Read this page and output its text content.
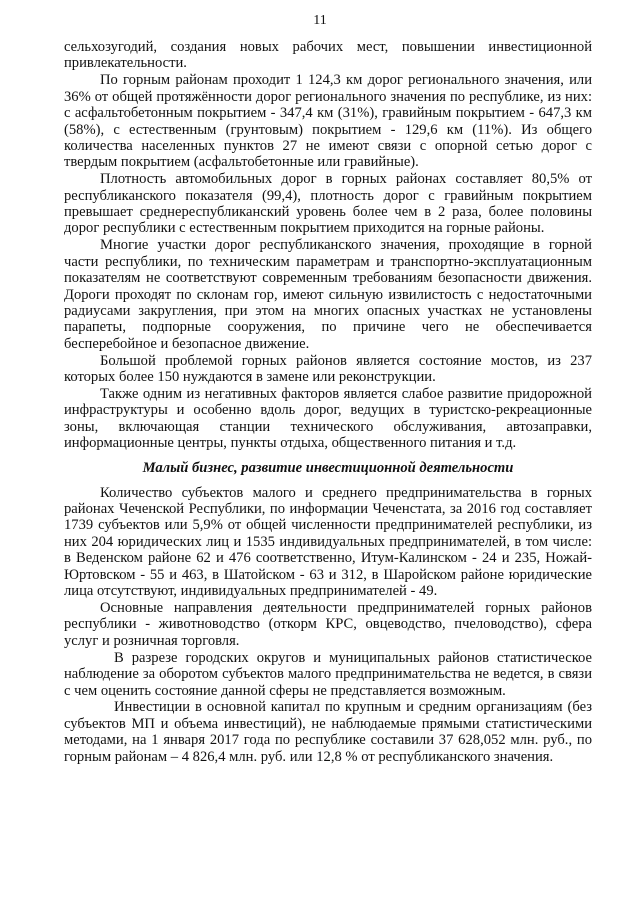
11

сельхозугодий, создания новых рабочих мест, повышении инвестиционной привлекательности.

По горным районам проходит 1 124,3 км дорог регионального значения, или 36% от общей протяжённости дорог регионального значения по республике, из них: с асфальтобетонным покрытием - 347,4 км (31%), гравийным покрытием - 647,3 км (58%), с естественным (грунтовым) покрытием - 129,6 км (11%). Из общего количества населенных пунктов 27 не имеют связи с опорной сетью дорог с твердым покрытием (асфальтобетонные или гравийные).

Плотность автомобильных дорог в горных районах составляет 80,5% от республиканского показателя (99,4), плотность дорог с гравийным покрытием превышает среднереспубликанский уровень более чем в 2 раза, более половины дорог республики с естественным покрытием приходится на горные районы.

Многие участки дорог республиканского значения, проходящие в горной части республики, по техническим параметрам и транспортно-эксплуатационным показателям не соответствуют современным требованиям безопасности движения. Дороги проходят по склонам гор, имеют сильную извилистость с недостаточными радиусами закругления, при этом на многих опасных участках не установлены парапеты, подпорные сооружения, по причине чего не обеспечивается бесперебойное и безопасное движение.

Большой проблемой горных районов является состояние мостов, из 237 которых более 150 нуждаются в замене или реконструкции.

Также одним из негативных факторов является слабое развитие придорожной инфраструктуры и особенно вдоль дорог, ведущих в туристско-рекреационные зоны, включающая станции технического обслуживания, автозаправки, информационные центры, пункты отдыха, общественного питания и т.д.

Малый бизнес, развитие инвестиционной деятельности

Количество субъектов малого и среднего предпринимательства в горных районах Чеченской Республики, по информации Чеченстата, за 2016 год составляет 1739 субъектов или 5,9% от общей численности предпринимателей республики, из них 204 юридических лиц и 1535 индивидуальных предпринимателей, в том числе: в Веденском районе 62 и 476 соответственно, Итум-Калинском - 24 и 235, Ножай-Юртовском - 55 и 463, в Шатойском - 63 и 312, в Шаройском районе юридические лица отсутствуют, индивидуальных предпринимателей - 49.

Основные направления деятельности предпринимателей горных районов республики - животноводство (откорм КРС, овцеводство, пчеловодство), сфера услуг и розничная торговля.

В разрезе городских округов и муниципальных районов статистическое наблюдение за оборотом субъектов малого предпринимательства не ведется, в связи с чем оценить состояние данной сферы не представляется возможным.

Инвестиции в основной капитал по крупным и средним организациям (без субъектов МП и объема инвестиций), не наблюдаемые прямыми статистическими методами, на 1 января 2017 года по республике составили 37 628,052 млн. руб., по горным районам – 4 826,4 млн. руб. или 12,8 % от республиканского значения.
